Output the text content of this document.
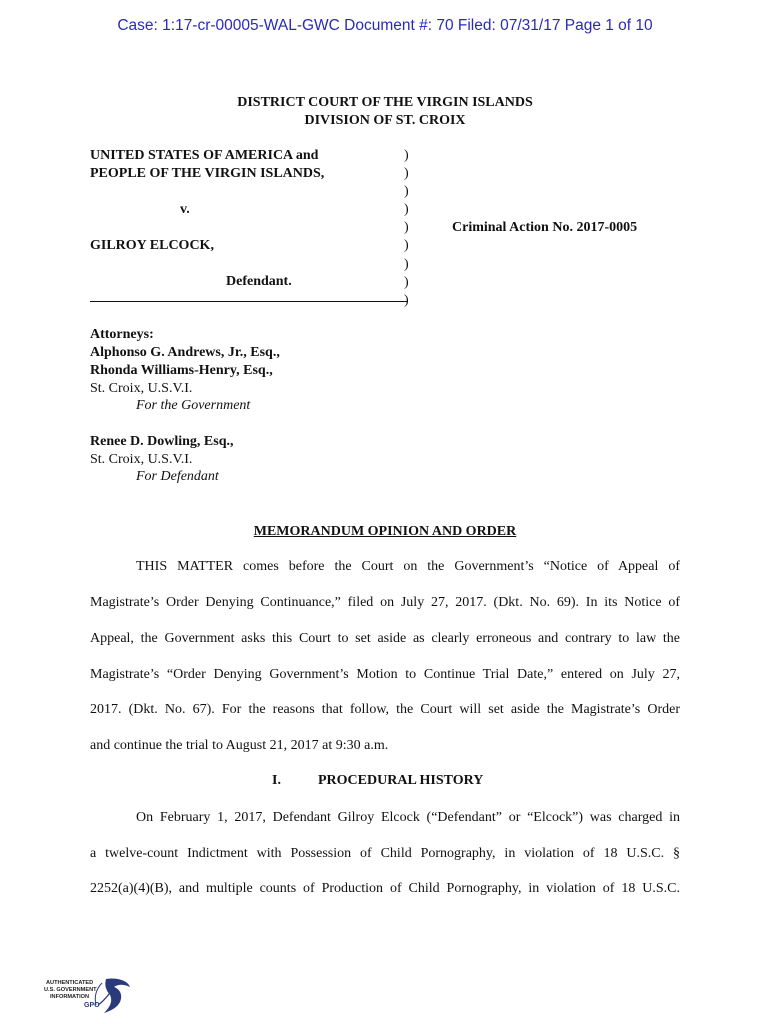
Case: 1:17-cr-00005-WAL-GWC Document #: 70 Filed: 07/31/17 Page 1 of 10
DISTRICT COURT OF THE VIRGIN ISLANDS
DIVISION OF ST. CROIX
UNITED STATES OF AMERICA and
PEOPLE OF THE VIRGIN ISLANDS,
v.
GILROY ELCOCK,
Defendant.
)
)
)
)
)
)
)
)
)
Criminal Action No. 2017-0005
Attorneys:
Alphonso G. Andrews, Jr., Esq.,
Rhonda Williams-Henry, Esq.,
St. Croix, U.S.V.I.
For the Government
Renee D. Dowling, Esq.,
St. Croix, U.S.V.I.
For Defendant
MEMORANDUM OPINION AND ORDER
THIS MATTER comes before the Court on the Government’s “Notice of Appeal of
Magistrate’s Order Denying Continuance,” filed on July 27, 2017. (Dkt. No. 69). In its Notice of
Appeal, the Government asks this Court to set aside as clearly erroneous and contrary to law the
Magistrate’s “Order Denying Government’s Motion to Continue Trial Date,” entered on July 27,
2017. (Dkt. No. 67). For the reasons that follow, the Court will set aside the Magistrate’s Order
and continue the trial to August 21, 2017 at 9:30 a.m.
I.	PROCEDURAL HISTORY
On February 1, 2017, Defendant Gilroy Elcock (“Defendant” or “Elcock”) was charged in
a twelve-count Indictment with Possession of Child Pornography, in violation of 18 U.S.C. §
2252(a)(4)(B), and multiple counts of Production of Child Pornography, in violation of 18 U.S.C.
AUTHENTICATED
U.S. GOVERNMENT
INFORMATION
GPO
